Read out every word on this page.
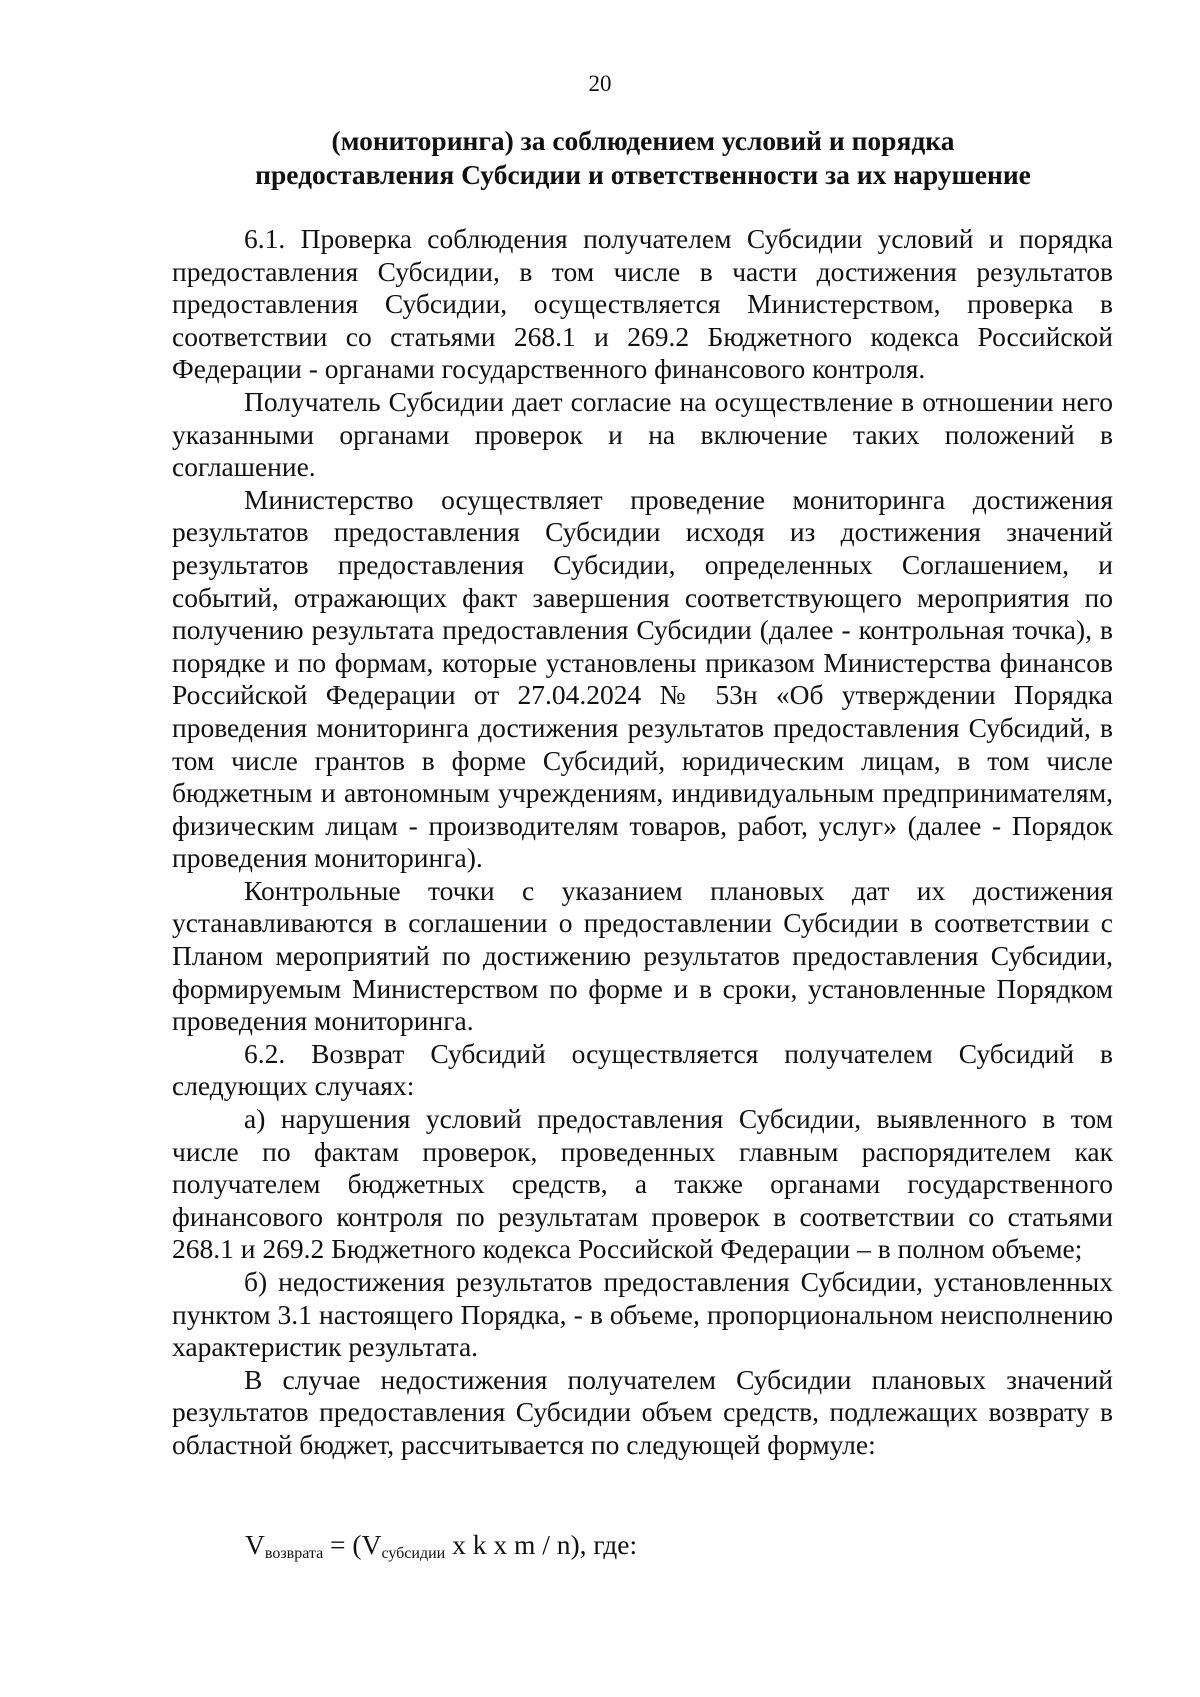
20
(мониторинга) за соблюдением условий и порядка
предоставления Субсидии и ответственности за их нарушение

6.1. Проверка соблюдения получателем Субсидии условий и порядка предоставления Субсидии, в том числе в части достижения результатов предоставления Субсидии, осуществляется Министерством, проверка в соответствии со статьями 268.1 и 269.2 Бюджетного кодекса Российской Федерации - органами государственного финансового контроля.

Получатель Субсидии дает согласие на осуществление в отношении него указанными органами проверок и на включение таких положений в соглашение.

Министерство осуществляет проведение мониторинга достижения результатов предоставления Субсидии исходя из достижения значений результатов предоставления Субсидии, определенных Соглашением, и событий, отражающих факт завершения соответствующего мероприятия по получению результата предоставления Субсидии (далее - контрольная точка), в порядке и по формам, которые установлены приказом Министерства финансов Российской Федерации от 27.04.2024 № 53н «Об утверждении Порядка проведения мониторинга достижения результатов предоставления Субсидий, в том числе грантов в форме Субсидий, юридическим лицам, в том числе бюджетным и автономным учреждениям, индивидуальным предпринимателям, физическим лицам - производителям товаров, работ, услуг» (далее - Порядок проведения мониторинга).

Контрольные точки с указанием плановых дат их достижения устанавливаются в соглашении о предоставлении Субсидии в соответствии с Планом мероприятий по достижению результатов предоставления Субсидии, формируемым Министерством по форме и в сроки, установленные Порядком проведения мониторинга.

6.2. Возврат Субсидий осуществляется получателем Субсидий в следующих случаях:

а) нарушения условий предоставления Субсидии, выявленного в том числе по фактам проверок, проведенных главным распорядителем как получателем бюджетных средств, а также органами государственного финансового контроля по результатам проверок в соответствии со статьями 268.1 и 269.2 Бюджетного кодекса Российской Федерации – в полном объеме;

б) недостижения результатов предоставления Субсидии, установленных пунктом 3.1 настоящего Порядка, - в объеме, пропорциональном неисполнению характеристик результата.

В случае недостижения получателем Субсидии плановых значений результатов предоставления Субсидии объем средств, подлежащих возврату в областной бюджет, рассчитывается по следующей формуле:

$V_{возврата} = (V_{субсидии}$ x k x m / n), где:
